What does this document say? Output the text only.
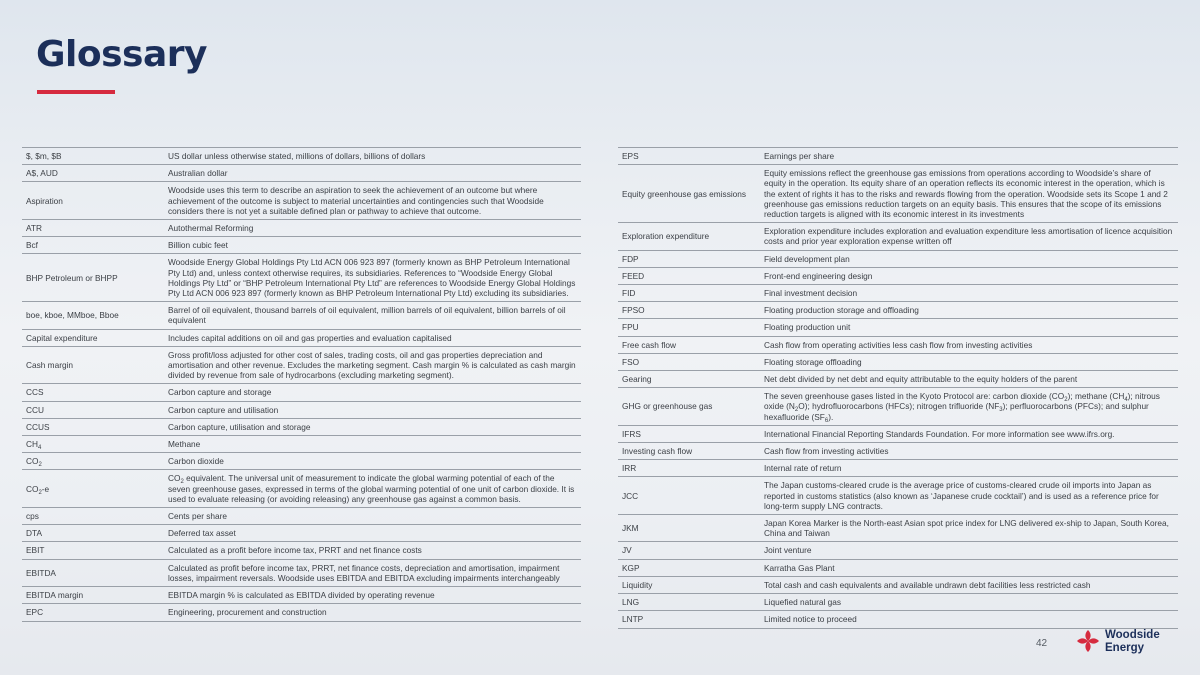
Glossary
$, $m, $B	US dollar unless otherwise stated, millions of dollars, billions of dollars
A$, AUD	Australian dollar
Aspiration	Woodside uses this term to describe an aspiration to seek the achievement of an outcome but where achievement of the outcome is subject to material uncertainties and contingencies such that Woodside considers there is not yet a suitable defined plan or pathway to achieve that outcome.
ATR	Autothermal Reforming
Bcf	Billion cubic feet
BHP Petroleum or BHPP	Woodside Energy Global Holdings Pty Ltd ACN 006 923 897 (formerly known as BHP Petroleum International Pty Ltd) and, unless context otherwise requires, its subsidiaries. References to “Woodside Energy Global Holdings Pty Ltd” or “BHP Petroleum International Pty Ltd” are references to Woodside Energy Global Holdings Pty Ltd ACN 006 923 897 (formerly known as BHP Petroleum International Pty Ltd) excluding its subsidiaries.
boe, kboe, MMboe, Bboe	Barrel of oil equivalent, thousand barrels of oil equivalent, million barrels of oil equivalent, billion barrels of oil equivalent
Capital expenditure	Includes capital additions on oil and gas properties and evaluation capitalised
Cash margin	Gross profit/loss adjusted for other cost of sales, trading costs, oil and gas properties depreciation and amortisation and other revenue. Excludes the marketing segment. Cash margin % is calculated as cash margin divided by revenue from sale of hydrocarbons (excluding marketing segment).
CCS	Carbon capture and storage
CCU	Carbon capture and utilisation
CCUS	Carbon capture, utilisation and storage
$CH_4$	Methane
$CO_2$	Carbon dioxide
$CO_2-e$	$CO_2$ equivalent. The universal unit of measurement to indicate the global warming potential of each of the seven greenhouse gases, expressed in terms of the global warming potential of one unit of carbon dioxide. It is used to evaluate releasing (or avoiding releasing) any greenhouse gas against a common basis.
cps	Cents per share
DTA	Deferred tax asset
EBIT	Calculated as a profit before income tax, PRRT and net finance costs
EBITDA	Calculated as profit before income tax, PRRT, net finance costs, depreciation and amortisation, impairment losses, impairment reversals. Woodside uses EBITDA and EBITDA excluding impairments interchangeably
EBITDA margin	EBITDA margin % is calculated as EBITDA divided by operating revenue
EPC	Engineering, procurement and construction
EPS	Earnings per share
Equity greenhouse gas emissions	Equity emissions reflect the greenhouse gas emissions from operations according to Woodside’s share of equity in the operation. Its equity share of an operation reflects its economic interest in the operation, which is the extent of rights it has to the risks and rewards flowing from the operation. Woodside sets its Scope 1 and 2 greenhouse gas emissions reduction targets on an equity basis. This ensures that the scope of its emissions reduction targets is aligned with its economic interest in its investments
Exploration expenditure	Exploration expenditure includes exploration and evaluation expenditure less amortisation of licence acquisition costs and prior year exploration expense written off
FDP	Field development plan
FEED	Front-end engineering design
FID	Final investment decision
FPSO	Floating production storage and offloading
FPU	Floating production unit
Free cash flow	Cash flow from operating activities less cash flow from investing activities
FSO	Floating storage offloading
Gearing	Net debt divided by net debt and equity attributable to the equity holders of the parent
GHG or greenhouse gas	The seven greenhouse gases listed in the Kyoto Protocol are: carbon dioxide $(CO_2)$; methane $(CH_4)$; nitrous oxide $(N_2O)$; hydrofluorocarbons (HFCs); nitrogen trifluoride $(NF_3)$; perfluorocarbons (PFCs); and sulphur hexafluoride $(SF_6)$.
IFRS	International Financial Reporting Standards Foundation. For more information see www.ifrs.org.
Investing cash flow	Cash flow from investing activities
IRR	Internal rate of return
JCC	The Japan customs-cleared crude is the average price of customs-cleared crude oil imports into Japan as reported in customs statistics (also known as ‘Japanese crude cocktail’) and is used as a reference price for long-term supply LNG contracts.
JKM	Japan Korea Marker is the North-east Asian spot price index for LNG delivered ex-ship to Japan, South Korea, China and Taiwan
JV	Joint venture
KGP	Karratha Gas Plant
Liquidity	Total cash and cash equivalents and available undrawn debt facilities less restricted cash
LNG	Liquefied natural gas
LNTP	Limited notice to proceed
42
Woodside
Energy
